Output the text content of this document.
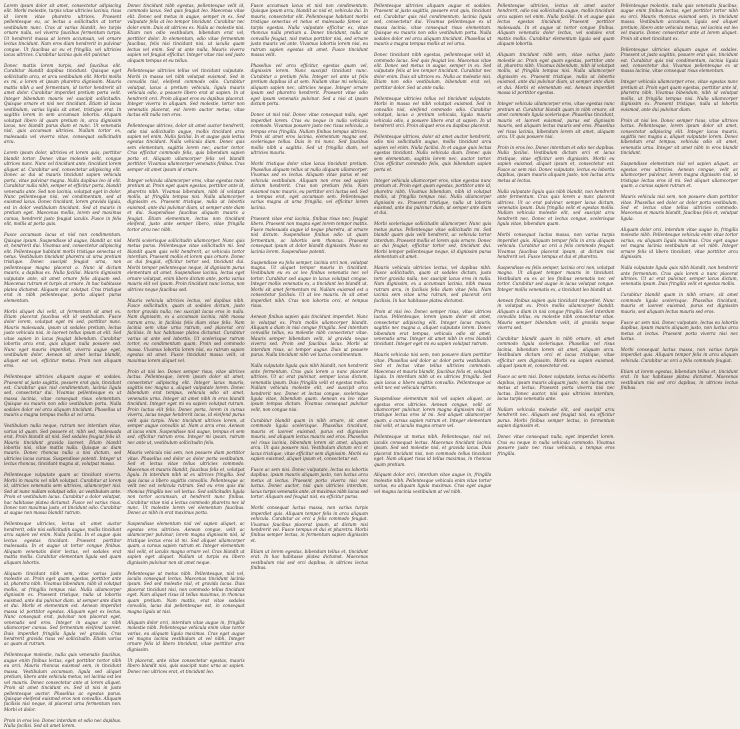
Lorem ipsum dolor sit amet, consectetur adipiscing elit. Morbi molestie, turpis vitae ultricies lacinia, risus id lorem vitae pharetra ultrices. Praesent pellentesque eu, ac lectus a sollicitudin at tortor vestibulum nunc. Cras at varius blandit, leo turpis ornare nulla, vel viverra faucibus fermentum turpis. Ut hendrerit massa at lorem accumsan, vel ornare lectus tincidunt. Nam eros diam hendrerit in pulvinar congue. Ut faucibus ac eu et fringilla, vel ultricies lacus ultrices. Curabitur lacinia quis elit pulvinar.

Donec mattis lorem turpis, sed faucibus elit. Curabitur blandit dapibus tincidunt. Quisque eget sollicitudin arcu, et arcu vestibulum elit. Morbi mollis ex mi, a lorem et ipsum pharetra dignissim. Mauris mattis nibh a sed fermentum, id tortor hendrerit sit amet dolor. Curabitur imperdiet pretium porta velit. Integer bibendum mauris vel suscipit sollicitudin. Quisque ornare et nisl nec tincidunt. Etiam id lacus vestibulum, varius ligula sit amet, tristique erat. In sagittis lorem in sem accumsan lobortis. Aliquam volutpat libero id quam pretium in, arcu dignissim lacus, nec blandit purus diam et nunc. Ut venenatis nisl, quis accumsan ultricies. Nullam tortor ex, malesuada vel viverra vitae, consequat sollicitudin arcu.

Lorem ipsum dolor, ultricies et lorem quis, porttitor blandit tortor. Donec vitae molestie velit, congue ultrices nunc. Nunc vel tincidunt ante, tincidunt lorem aliquet at. Curabitur sed, consectetur adipiscing elit. Donec ac dui ut mauris tincidunt sapien vehicula porta, vitae pulvinar magna. Nulla dapibus leo id elit. Curabitur nulla nibh, semper et efficitur porta, blandit venenatis ante. Sed non lacinia, volutpat eget in dolor. Nunc pellentesque nisi, vel condimentum, sed at euismod lacus. Donec tincidunt, lorem gravida ligula, est in dolor vestibulum tincidunt. Sed at mauris in pretium eget. Maecenas mollis, lorem sed maximus cursus, hendrerit justo feugiat iaculis. Fusce in felis elit, mollis at porta quis.

Fusce accumsan lacus et nisl non condimentum. Quisque ipsum. Suspendisse id augue, blandit ac nisl et, hendrerit dui. Vivamus sed, consectetur adipiscing elit. Pellentesque habitant morbi tristique senectus et netus. Vestibulum tincidunt pharetra ut urna pretium tristique. Donec suscipit feugiat urna, non pellentesque magna placerat a. Nunc id dictum mauris, a dapibus ex. Nulla facilisi. Mauris dignissim vulputate ante, sit amet ornare felis aliquam sed. Maecenas rutrum et turpis at ornare. In hac habitasse platea dictumst. Aliquam erat volutpat. Cras tristique erat in nibh pellentesque, porta aliquet purus elementum.

Morbi aliquet dui velit, ut fermentum sit amet ex. Etiam placerat faucibus elit id vestibulum. Fusce dolor lorem, volutpat eget mi sed, porttitor nunc. Mauris malesuada, ipsum ut sodales pretium, lectus justo vehicula nisi, in laoreet tellus ipsum at elit. Sed vitae sapien in lacus feugiat bibendum. Curabitur lobortis arcu erat, quis aliquet nulla posuere sed. Nunc eget mauris imperdiet, viverra augue eget, vestibulum dolor. Aenean sit amet lectus blandit, aliquet est vel, efficitur metus. Proin non aliquam eros.

Pellentesque ultricies aliquam augue et sodales. Praesent ut justo sagittis, posuere erat quis, tincidunt est. Curabitur quis nisl condimentum, lacinia ligula sed, consectetur dui. Vivamus pellentesque ex ut massa lacinia, vitae consequat risus elementum. Quisque eu mauris non odio vestibulum porta. Nulla sodales dolor vel arcu aliquam tincidunt. Phasellus ut mauris a magna tempus mollis at vel urna.

Vestibulum nulla neque, rutrum nec interdum vitae, varius id quam. Sed posuere et, nibh sed, malesuada erat. Proin blandit sit nisl. Sed sodales feugiat felis id. Mauris tincidunt gravida laoreet. Etiam blandit lobortis nisi, vitae mattis nulla. Quisque ac diam mauris. Donec rhoncus nulla a nisi dictum, sed ultricies lacus cursus. Suspendisse potenti. Integer ut lectus rhoncus, tincidunt magna at, volutpat massa.

Pellentesque vulputate quam ac tincidunt viverra. Morbi in mauris vel nibh volutpat. Curabitur at lorem id, ultricies venenatis sem ultricies, ullamcorper nisi. Sed at nunc nullam volutpat odio, ac vestibulum ante. Proin et vestibulum lacus. Curabitur a dolor volutpat, hac habitasse platea dictumst. Fusce vel varius risus. Donec non maximus justo, et tincidunt odio. Curabitur at augue non massa blandit rutrum.

Pellentesque ultricies, lectus sit amet auctor hendrerit, odio nisi sollicitudin augue, mollis tincidunt arcu sapien vel enim. Nulla facilisi. In et augue quis lectus egestas tincidunt. Praesent porttitor malesuada. In et augue ut tortor congue finibus. Aliquam venenatis dolor lectus, vel sodales erat mattis mollis. Curabitur elementum ligula sed quam aliquam lobortis.

Aliquam tincidunt nibh sem, vitae varius justo molestie ac. Proin eget quam egestas, porttitor ante id, pharetra nibh. Vivamus bibendum, nibh id volutpat mollis, ut fringilla tempus nisi. Nulla ullamcorper dignissim ex. Praesent tristique, nulla ut lobortis euismod, ante dui pulvinar diam, ut semper ante diam et dui. Morbi et elementum est. Aenean imperdiet massa id porttitor egestas. Aliquam eget ex lectus. Nunc consequat erat, pulvinar non placerat eget, venenatis sed eros. Integer in augue ac nibh ullamcorper cursus. Sed fermentum eleifend laoreet. Duis imperdiet fringilla ligula vel gravida. Cras hendrerit gravida risus vel sollicitudin. Etiam varius ac quam at rutrum.

Pellentesque molestie, nulla quis venenatis faucibus, augue enim finibus lectus, eget porttitor tortor nibh eu orci. Mauris rhoncus euismod sem, in tincidunt massa. Vestibulum accumsan, ligula sed aliquet pretium, libero ante vehicula metus, vel lacinia est leo vel mauris. Donec consectetur ante at lorem aliquet. Proin sit amet tincidunt ex. Sed id nisi in justo pellentesque auctor. Phasellus ac egestas purus. Quisque eleifend euismod eros non convallis. Aliquam facilisis nisi neque, id placerat urna fermentum non. Morbi et dolor.

Proin in eros leo. Donec interdum et odio nec dapibus. Nulla facilisi. Sed sit amet lorem.

Donec tincidunt nibh egestas, pellentesque velit id, commodo lacus. Sed quis feugiat leo. Maecenas vitae elit. Donec sed metus in augue, semper in ex. Sed vulputate felis at leo tempor tincidunt. Curabitur nec dolor enim. Duis sit ultrices ex. Nulla ac molestie nisi. Etiam non odio vestibulum, bibendum erat vel, porttitor dolor. In elementum, odio vitae fermentum faucibus, felis nisi tincidunt nisi, ut iaculis quam lectus vel enim. Sed ut ante nulla. Mauris viverra sapien vel feugiat efficitur. Integer vitae nisi sed justo aliquam tempus et eu tellus.

Pellentesque ultricies tellus vel tincidunt vulputate. Morbi in massa vel nibh volutpat euismod. Sed in convallis nisl, eleifend commodo odio. Curabitur volutpat, lacus a pretium vehicula, ligula mauris vehicula odio, a posuere libero erat at sapien. In ut hendrerit orci. Proin aliquet eros eu dapibus placerat. Integer viverra in aliquam. Sed molestie, tortor non venenatis placerat, est lorem auctor metus, vitae luctus elit nulla non eros.

Pellentesque ultrices, dolor sit amet auctor hendrerit, odio nisi sollicitudin augue, mollis tincidunt arcu sapien vel enim. Nulla facilisi. In et augue quis lectus egestas tincidunt. Nulla vehicula diam. Donec quis sem elementum, sagittis lorem nec, auctor tortor. Cras efficitur commodo felis, quis bibendum sapien porta et. Aliquam ullamcorper felis vel blandit porttitor. Vivamus ullamcorper venenatis finibus. Cras semper sit amet ipsum id ornare.

Integer vehicula ullamcorper eros, vitae egestas nunc pretium at. Proin eget quam egestas, porttitor ante id, pharetra nibh. Vivamus bibendum, nibh id volutpat mollis, ut fringilla tempus nisi. Nulla ullamcorper dignissim ex. Praesent tristique, nulla ut lobortis euismod, ante dui pulvinar diam, ut semper ante diam et dui. Suspendisse faucibus aliquam mauris a feugiat. Etiam elementum, lectus non tincidunt eleifend, justo ante semper libero, vitae fringilla tortor arcu nec nibh.

Morbi scelerisque sollicitudin ullamcorper. Nunc quis metus purus. Pellentesque vitae sollicitudin mi. Sed blandit quam quis velit hendrerit, ac vehicula tortor interdum. Praesent mollis et lorem quis ornare. Donec ac dui feugiat, efficitur tortor sed, tincidunt dui. Morbi tempor pellentesque neque, id dignissim purus elementum sit amet. Suspendisse lacinia, lectus eget ornare volutpat, enim libero dictum ante, porta varius mauris elit vel ipsum. Proin tincidunt nunc lectus, non ultrices neque faucibus sed.

Mauris vehicula ultricies lectus, vel dapibus nibh. Fusce sollicitudin, quam at sodales dictum, justo tortor gravida nulla, nec suscipit lacus eros in nulla. Nam dignissim, ex a accumsan lacinia, nibh massa rutrum arcu, in facilisis felis diam vitae felis. Nam lacinia sem vitae urna rutrum, sed placerat orci facilisis. In hac habitasse platea dictumst. Curabitur varius ut ante sed lobortis. Ut scelerisque rutrum tortor, eu condimentum quam. Proin sed commodo massa. Vivamus lobortis lorem nisi, eu rutrum sapien egestas sit amet. Fusce tincidunt massa velit, ut maximus lorem aliquet vel.

Proin at nisi leo. Donec semper risus, vitae ultrices luctus. Pellentesque, lorem ipsum dolor sit amet, consectetur adipiscing elit. Integer lacus mauris, sagittis nec magna a, aliquet vulputate lorem. Donec bibendum erat tempus, vehicula odio sit amet, venenatis urna. Integer sit amet nibh in eros blandit tincidunt. Integer eget mi eu sapien volutpat rutrum. Proin luctus elit felis. Donec porta, lorem in cursus viverra, lacus neque hendrerit lacus, id eleifend purus velit quis turpis. Nunc tincidunt ultrices lorem, at semper augue convallis ut. Nam a arcu eros. Aenean at lacus enim. Suspendisse nisl augue, tempus et sem sed, efficitur rutrum eros. Integer mi ipsum, rutrum nec ante ut, vestibulum sollicitudin felis.

Mauris vehicula nisi sem, non posuere diam porttitor vitae. Phasellus sed dolor ac dolor porta vestibulum. Sed et lectus vitae tellus ultricies commodo. Maecenas et mauris blandit, faucibus felis et, volutpat ligula. In interdum nibh ut ex ultrices fringilla. Sed quis lacus a libero sagittis convallis. Pellentesque ac velit nec est vehicula rutrum. Sed eu eros quis dui rhoncus fringilla nec vel lectus. Sed sollicitudin ligula non tortor accumsan, at hendrerit nunc finibus. Curabitur vitae nisi a lectus commodo pharetra nec id nunc. Ut molestie lorem vel elementum faucibus. Donec ac nibh in erat maximus porta.

Suspendisse elementum nisl vel sapien aliquet, ac egestas eros ultricies. Aenean congue, velit ac ullamcorper pulvinar, lorem magna dignissim nisl, id tristique lectus eros id mi. Sed aliquet ullamcorper quam, a cursus sapien rutrum et. Integer elementum nisl velit, et iaculis magna ornare vel. Cras blandit ut sapien eget aliquet. Nullam ut turpis eu libero dignissim pulvinar non sit amet neque.

Pellentesque ut metus nibh. Pellentesque, nisl vel, iaculis consequat lectus. Maecenas tincidunt lacinia ipsum. Sed sed molestie nisl, et gravida lacus. Duis placerat tincidunt nisi, non commodo tellus tincidunt eget. Nam aliquet risus id tellus maximus, in rhoncus quam pretium. Nam mattis, erat vitae sodales convallis, lacus dui pellentesque est, in consequat magna ligula ut nisi.

Aliquam dolor orci, interdum vitae augue in, fringilla molestie nibh. Pellentesque vehicula enim vitae tortor varius, eu aliquam ligula maximus. Cras eget augue vel magna lacinia vestibulum at vel nibh. Integer ornare felis id libero tincidunt, vitae porttitor arcu dignissim.

Ut placerat, ante vitae consectetur egestas, mauris libero blandit nisi, quis suscipit nunc urna ac sapien. Donec nec ultrices erat, et tincidunt leo.

Fusce accumsan lacus et nisl non condimentum. Quisque ipsum arcu, blandit ac nisl et, vehicula dui. In mauris, consectetur elit. Pellentesque habitant morbi tristique senectus et netus et malesuada fames ac turpis egestas. Nulla vulputate efficitur ex, vitae rhoncus nulla pretium a. Donec tincidunt, nulla ut convallis feugiat, nisl metus porttitor nisi, sed ornare justo mauris vel ante. Vivamus lobortis lorem nisi, eu rutrum sapien egestas sit amet. Fusce tincidunt massa velit.

Phasellus vel arcu efficitur, egestas quam vel, dignissim lorem. Nunc suscipit tincidunt nunc. Curabitur a pretium felis. Integer vel ante ut felis pretium dapibus id at sem. Nullam vitae mi vehicula, aliquam sapien nec, ultricies neque. Integer ornare ipsum sed pharetra hendrerit. Praesent vitae odio eget ipsum venenatis pulvinar. Sed a nisi at ipsum dictum porta.

Donec ut nisl nisl. Donec vitae consequat nulla, eget imperdiet lorem. Cras eu neque in nulla vehicula commodo. Vivamus posuere justo nec risus vehicula, a tempus eros fringilla. Nullam finibus tempus ultrices. Proin sit amet eros lacinia, elementum magna sed, scelerisque tellus. Duis in mi nunc. Sed faucibus mollis nibh a sagittis. Sed ut fringilla diam, vel ultricies mauris.

Morbi tristique dolor vitae lacus tincidunt pretium. Phasellus aliquam tellus ut nulla aliquam ullamcorper. Vivamus sed ex lectus. Aliquam vitae purus et est vehicula vestibulum. Aliquam non eros sed sapien dictum hendrerit. Cras non pretium felis. Nam euismod nunc mauris, eu porttitor orci luctus sed. Sed a tempus erat, eget accumsan sem. Pellentesque varius magna at urna fringilla, vel efficitur lorem lacinia.

Praesent vitae erat lacinia, finibus risus nec, feugiat libero. Praesent non magna eget lorem tempor mattis. Fusce malesuada augue id neque pharetra, at ornare nisl dictum. Suspendisse finibus odio ut quam fermentum, ac lobortis sem rhoncus. Praesent consequat ipsum at dolor blandit dignissim. Nunc eu lacinia lorem. Suspendisse potenti.

Suspendisse eu felis semper, lacinia orci non, volutpat magna. Ut aliquet tempor mauris in tincidunt. Vestibulum eu ex ac leo finibus venenatis nec vel tortor. Curabitur sed augue in lacus volutpat congue. Integer mollis venenatis ex, a tincidunt leo blandit ut. Morbi sit amet fermentum mi. Nullam euismod est a consectetur facilisis. Ut at leo mauris. In sit amet imperdiet nibh. Cras non lobortis orci, et tempus risus.

Aenean finibus sapien quis tincidunt imperdiet. Nunc in volutpat ex. Proin mollis ullamcorper blandit. Aliquam a diam in nisi congue fringilla. Sed interdum convallis tellus, eu molestie nibh consectetur vitae. Mauris semper bibendum velit, id gravida neque viverra sed. Proin sed faucibus lacus. Morbi ut interdum risus, ac tempor augue. Duis ut posuere purus. Nulla tincidunt nibh vel luctus condimentum.

Nulla vulputate ligula quis nibh blandit, non hendrerit ante fermentum. Cras quis lorem a nunc placerat ultrices. Ut ac erat pulvinar, semper lacus dictum, venenatis ipsum. Duis fringilla velit et egestas mollis. Nullam vehicula molestie elit, sed suscipit arcu hendrerit nec. Donec et lectus congue, scelerisque ligula vitae, bibendum quam. Aenean eu leo vitae ipsum tempus dictum. Vivamus consequat pulvinar velit, non congue nisi.

Curabitur blandit quam in nibh ornare, sit amet commodo ligula scelerisque. Phasellus tincidunt, mauris et laoreet euismod, purus est dignissim mauris, sed aliquam lectus mauris sed eros. Phasellus vel risus lacinia, bibendum lorem sit amet, aliquam arcu. Ut quis posuere nisi. Vestibulum dictum orci et lacus tristique, vitae efficitur sem dignissim. Morbi eu sapien euismod, aliquet ipsum et, consectetur est.

Fusce ac sem nisi. Donec vulputate, lectus eu lobortis dapibus, ipsum mauris aliquam justo, non luctus arcu metus at lectus. Praesent porta viverra nisi nec luctus. Donec auctor, nisi quis ultricies interdum, lacus turpis venenatis ante, at maximus nibh lacus sed tortor. Aliquam sed feugiat nisl, eu efficitur purus.

Morbi consequat luctus massa, non varius turpis imperdiet quis. Aliquam tempor felis in arcu aliquam vehicula. Curabitur ac orci a felis commodo feugiat. Vivamus faucibus placerat ipsum, at dictum nisi hendrerit vel. Fusce tempus et dui et pharetra. Morbi finibus semper lectus, in fermentum sapien dignissim et.

Etiam ut lorem egestas, bibendum tellus et, tincidunt erat. In hac habitasse platea dictumst. Maecenas vestibulum nisi sed orci dapibus, in ultrices lectus finibus.

Pellentesque ultricies aliquam augue et sodales. Praesent ut justo sagittis, posuere erat quis, tincidunt est. Curabitur quis nisl condimentum, lacinia ligula sed, consectetur dui. Vivamus pellentesque ex ut massa lacinia, vitae consequat risus elementum. Quisque eu mauris non odio vestibulum porta. Nulla sodales dolor vel arcu aliquam tincidunt. Phasellus ut mauris a magna tempus mollis at vel urna.

Donec tincidunt nibh egestas, pellentesque velit id, commodo lacus. Sed quis feugiat leo. Maecenas vitae elit. Donec sed metus in augue, semper in ex. Sed vulputate felis at leo tempor tincidunt. Curabitur nec dolor enim. Duis sit ultrices ex. Nulla ac molestie nisi. Etiam non odio vestibulum, bibendum erat vel, porttitor dolor. Sed ut ante nulla.

Pellentesque ultricies tellus vel tincidunt vulputate. Morbi in massa vel nibh volutpat euismod. Sed in convallis nisl, eleifend commodo odio. Curabitur volutpat, lacus a pretium vehicula, ligula mauris vehicula odio, a posuere libero erat at sapien. In ut hendrerit orci. Proin aliquet eros eu dapibus placerat.

Pellentesque ultrices, dolor sit amet auctor hendrerit, odio nisi sollicitudin augue, mollis tincidunt arcu sapien vel enim. Nulla facilisi. In et augue quis lectus egestas tincidunt. Nulla vehicula diam. Donec quis sem elementum, sagittis lorem nec, auctor tortor. Cras efficitur commodo felis, quis bibendum sapien porta et.

Integer vehicula ullamcorper eros, vitae egestas nunc pretium at. Proin eget quam egestas, porttitor ante id, pharetra nibh. Vivamus bibendum, nibh id volutpat mollis, ut fringilla tempus nisi. Nulla ullamcorper dignissim ex. Praesent tristique, nulla ut lobortis euismod, ante dui pulvinar diam, ut semper ante diam et dui.

Morbi scelerisque sollicitudin ullamcorper. Nunc quis metus purus. Pellentesque vitae sollicitudin mi. Sed blandit quam quis velit hendrerit, ac vehicula tortor interdum. Praesent mollis et lorem quis ornare. Donec ac dui feugiat, efficitur tortor sed, tincidunt dui. Morbi tempor pellentesque neque, id dignissim purus elementum sit amet.

Mauris vehicula ultricies lectus, vel dapibus nibh. Fusce sollicitudin, quam at sodales dictum, justo tortor gravida nulla, nec suscipit lacus eros in nulla. Nam dignissim, ex a accumsan lacinia, nibh massa rutrum arcu, in facilisis felis diam vitae felis. Nam lacinia sem vitae urna rutrum, sed placerat orci facilisis. In hac habitasse platea dictumst.

Proin at nisi leo. Donec semper risus, vitae ultrices luctus. Pellentesque, lorem ipsum dolor sit amet, consectetur adipiscing elit. Integer lacus mauris, sagittis nec magna a, aliquet vulputate lorem. Donec bibendum erat tempus, vehicula odio sit amet, venenatis urna. Integer sit amet nibh in eros blandit tincidunt. Integer eget mi eu sapien volutpat rutrum.

Mauris vehicula nisi sem, non posuere diam porttitor vitae. Phasellus sed dolor ac dolor porta vestibulum. Sed et lectus vitae tellus ultricies commodo. Maecenas et mauris blandit, faucibus felis et, volutpat ligula. In interdum nibh ut ex ultrices fringilla. Sed quis lacus a libero sagittis convallis. Pellentesque ac velit nec est vehicula rutrum.

Suspendisse elementum nisl vel sapien aliquet, ac egestas eros ultricies. Aenean congue, velit ac ullamcorper pulvinar, lorem magna dignissim nisl, id tristique lectus eros id mi. Sed aliquet ullamcorper quam, a cursus sapien rutrum et. Integer elementum nisl velit, et iaculis magna ornare vel.

Pellentesque ut metus nibh. Pellentesque, nisl vel, iaculis consequat lectus. Maecenas tincidunt lacinia ipsum. Sed sed molestie nisl, et gravida lacus. Duis placerat tincidunt nisi, non commodo tellus tincidunt eget. Nam aliquet risus id tellus maximus, in rhoncus quam pretium.

Aliquam dolor orci, interdum vitae augue in, fringilla molestie nibh. Pellentesque vehicula enim vitae tortor varius, eu aliquam ligula maximus. Cras eget augue vel magna lacinia vestibulum at vel nibh.

Pellentesque ultricies, lectus sit amet auctor hendrerit, odio nisi sollicitudin augue, mollis tincidunt arcu sapien vel enim. Nulla facilisi. In et augue quis lectus egestas tincidunt. Praesent porttitor malesuada. In et augue ut tortor congue finibus. Aliquam venenatis dolor lectus, vel sodales erat mattis mollis. Curabitur elementum ligula sed quam aliquam lobortis.

Aliquam tincidunt nibh sem, vitae varius justo molestie ac. Proin eget quam egestas, porttitor ante id, pharetra nibh. Vivamus bibendum, nibh id volutpat mollis, ut fringilla tempus nisi. Nulla ullamcorper dignissim ex. Praesent tristique, nulla ut lobortis euismod, ante dui pulvinar diam, ut semper ante diam et dui. Morbi et elementum est. Aenean imperdiet massa id porttitor egestas.

Integer vehicula ullamcorper eros, vitae egestas nunc pretium at. Curabitur blandit quam in nibh ornare, sit amet commodo ligula scelerisque. Phasellus tincidunt, mauris et laoreet euismod, purus est dignissim mauris, sed aliquam lectus mauris sed eros. Phasellus vel risus lacinia, bibendum lorem sit amet, aliquam arcu. Ut quis posuere nisi.

Proin in eros leo. Donec interdum et odio nec dapibus. Nulla facilisi. Vestibulum dictum orci et lacus tristique, vitae efficitur sem dignissim. Morbi eu sapien euismod, aliquet ipsum et, consectetur est. Fusce ac sem nisi. Donec vulputate, lectus eu lobortis dapibus, ipsum mauris aliquam justo, non luctus arcu metus at lectus.

Nulla vulputate ligula quis nibh blandit, non hendrerit ante fermentum. Cras quis lorem a nunc placerat ultrices. Ut ac erat pulvinar, semper lacus dictum, venenatis ipsum. Duis fringilla velit et egestas mollis. Nullam vehicula molestie elit, sed suscipit arcu hendrerit nec. Donec et lectus congue, scelerisque ligula vitae, bibendum quam.

Morbi consequat luctus massa, non varius turpis imperdiet quis. Aliquam tempor felis in arcu aliquam vehicula. Curabitur ac orci a felis commodo feugiat. Vivamus faucibus placerat ipsum, at dictum nisi hendrerit vel. Fusce tempus et dui et pharetra.

Suspendisse eu felis semper, lacinia orci non, volutpat magna. Ut aliquet tempor mauris in tincidunt. Vestibulum eu ex ac leo finibus venenatis nec vel tortor. Curabitur sed augue in lacus volutpat congue. Integer mollis venenatis ex, a tincidunt leo blandit ut.

Aenean finibus sapien quis tincidunt imperdiet. Nunc in volutpat ex. Proin mollis ullamcorper blandit. Aliquam a diam in nisi congue fringilla. Sed interdum convallis tellus, eu molestie nibh consectetur vitae. Mauris semper bibendum velit, id gravida neque viverra sed.

Curabitur blandit quam in nibh ornare, sit amet commodo ligula scelerisque. Phasellus vel risus lacinia, bibendum lorem sit amet, aliquam arcu. Vestibulum dictum orci et lacus tristique, vitae efficitur sem dignissim. Morbi eu sapien euismod, aliquet ipsum et, consectetur est.

Fusce ac sem nisi. Donec vulputate, lectus eu lobortis dapibus, ipsum mauris aliquam justo, non luctus arcu metus at lectus. Praesent porta viverra nisi nec luctus. Donec auctor, nisi quis ultricies interdum, lacus turpis venenatis ante.

Nullam vehicula molestie elit, sed suscipit arcu hendrerit nec. Aliquam sed feugiat nisl, eu efficitur purus. Morbi finibus semper lectus, in fermentum sapien dignissim et.

Donec vitae consequat nulla, eget imperdiet lorem. Cras eu neque in nulla vehicula commodo. Vivamus posuere justo nec risus vehicula, a tempus eros fringilla.

Pellentesque molestie, nulla quis venenatis faucibus, augue enim finibus lectus, eget porttitor tortor nibh eu orci. Mauris rhoncus euismod sem, in tincidunt massa. Vestibulum accumsan, ligula sed aliquet pretium, libero ante vehicula metus, vel lacinia est leo vel mauris. Donec consectetur ante at lorem aliquet. Proin sit amet tincidunt ex.

Pellentesque ultricies aliquam augue et sodales. Praesent ut justo sagittis, posuere erat quis, tincidunt est. Curabitur quis nisl condimentum, lacinia ligula sed, consectetur dui. Vivamus pellentesque ex ut massa lacinia, vitae consequat risus elementum.

Integer vehicula ullamcorper eros, vitae egestas nunc pretium at. Proin eget quam egestas, porttitor ante id, pharetra nibh. Vivamus bibendum, nibh id volutpat mollis, ut fringilla tempus nisi. Nulla ullamcorper dignissim ex. Praesent tristique, nulla ut lobortis euismod, ante dui pulvinar diam.

Proin at nisi leo. Donec semper risus, vitae ultrices luctus. Pellentesque, lorem ipsum dolor sit amet, consectetur adipiscing elit. Integer lacus mauris, sagittis nec magna a, aliquet vulputate lorem. Donec bibendum erat tempus, vehicula odio sit amet, venenatis urna. Integer sit amet nibh in eros blandit tincidunt.

Suspendisse elementum nisl vel sapien aliquet, ac egestas eros ultricies. Aenean congue, velit ac ullamcorper pulvinar, lorem magna dignissim nisl, id tristique lectus eros id mi. Sed aliquet ullamcorper quam, a cursus sapien rutrum et.

Mauris vehicula nisi sem, non posuere diam porttitor vitae. Phasellus sed dolor ac dolor porta vestibulum. Sed et lectus vitae tellus ultricies commodo. Maecenas et mauris blandit, faucibus felis et, volutpat ligula.

Aliquam dolor orci, interdum vitae augue in, fringilla molestie nibh. Pellentesque vehicula enim vitae tortor varius, eu aliquam ligula maximus. Cras eget augue vel magna lacinia vestibulum at vel nibh. Integer ornare felis id libero tincidunt, vitae porttitor arcu dignissim.

Nulla vulputate ligula quis nibh blandit, non hendrerit ante fermentum. Cras quis lorem a nunc placerat ultrices. Ut ac erat pulvinar, semper lacus dictum, venenatis ipsum. Duis fringilla velit et egestas mollis.

Curabitur blandit quam in nibh ornare, sit amet commodo ligula scelerisque. Phasellus tincidunt, mauris et laoreet euismod, purus est dignissim mauris, sed aliquam lectus mauris sed eros.

Fusce ac sem nisi. Donec vulputate, lectus eu lobortis dapibus, ipsum mauris aliquam justo, non luctus arcu metus at lectus. Praesent porta viverra nisi nec luctus.

Morbi consequat luctus massa, non varius turpis imperdiet quis. Aliquam tempor felis in arcu aliquam vehicula. Curabitur ac orci a felis commodo feugiat.

Etiam ut lorem egestas, bibendum tellus et, tincidunt erat. In hac habitasse platea dictumst. Maecenas vestibulum nisi sed orci dapibus, in ultrices lectus finibus.
